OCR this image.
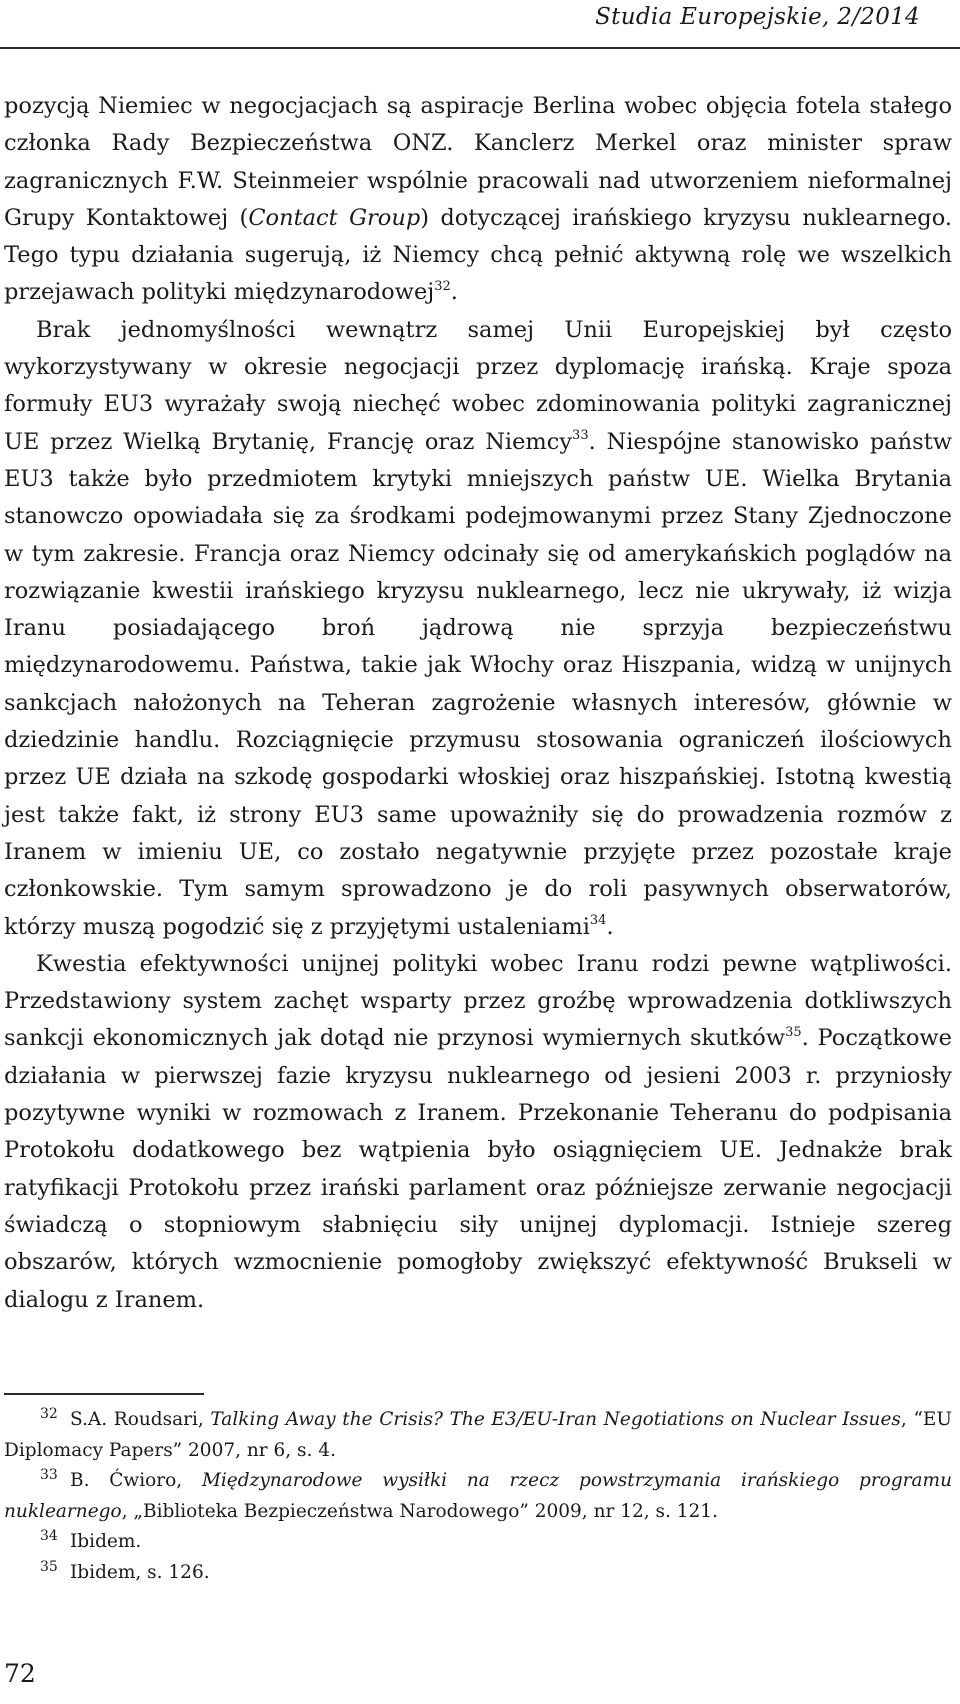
Studia Europejskie, 2/2014

pozycją Niemiec w negocjacjach są aspiracje Berlina wobec objęcia fotela stałego członka Rady Bezpieczeństwa ONZ. Kanclerz Merkel oraz minister spraw zagranicznych F.W. Steinmeier wspólnie pracowali nad utworzeniem nieformalnej Grupy Kontaktowej (Contact Group) dotyczącej irańskiego kryzysu nuklearnego. Tego typu działania sugerują, iż Niemcy chcą pełnić aktywną rolę we wszelkich przejawach polityki międzynarodowej$^{32}$.

Brak jednomyślności wewnątrz samej Unii Europejskiej był często wykorzystywany w okresie negocjacji przez dyplomację irańską. Kraje spoza formuły EU3 wyrażały swoją niechęć wobec zdominowania polityki zagranicznej UE przez Wielką Brytanię, Francję oraz Niemcy$^{33}$. Niespójne stanowisko państw EU3 także było przedmiotem krytyki mniejszych państw UE. Wielka Brytania stanowczo opowiadała się za środkami podejmowanymi przez Stany Zjednoczone w tym zakresie. Francja oraz Niemcy odcinały się od amerykańskich poglądów na rozwiązanie kwestii irańskiego kryzysu nuklearnego, lecz nie ukrywały, iż wizja Iranu posiadającego broń jądrową nie sprzyja bezpieczeństwu międzynarodowemu. Państwa, takie jak Włochy oraz Hiszpania, widzą w unijnych sankcjach nałożonych na Teheran zagrożenie własnych interesów, głównie w dziedzinie handlu. Rozciągnięcie przymusu stosowania ograniczeń ilościowych przez UE działa na szkodę gospodarki włoskiej oraz hiszpańskiej. Istotną kwestią jest także fakt, iż strony EU3 same upoważniły się do prowadzenia rozmów z Iranem w imieniu UE, co zostało negatywnie przyjęte przez pozostałe kraje członkowskie. Tym samym sprowadzono je do roli pasywnych obserwatorów, którzy muszą pogodzić się z przyjętymi ustaleniami$^{34}$.

Kwestia efektywności unijnej polityki wobec Iranu rodzi pewne wątpliwości. Przedstawiony system zachęt wsparty przez groźbę wprowadzenia dotkliwszych sankcji ekonomicznych jak dotąd nie przynosi wymiernych skutków$^{35}$. Początkowe działania w pierwszej fazie kryzysu nuklearnego od jesieni 2003 r. przyniosły pozytywne wyniki w rozmowach z Iranem. Przekonanie Teheranu do podpisania Protokołu dodatkowego bez wątpienia było osiągnięciem UE. Jednakże brak ratyfikacji Protokołu przez irański parlament oraz późniejsze zerwanie negocjacji świadczą o stopniowym słabnięciu siły unijnej dyplomacji. Istnieje szereg obszarów, których wzmocnienie pomogłoby zwiększyć efektywność Brukseli w dialogu z Iranem.

32 S.A. Roudsari, Talking Away the Crisis? The E3/EU-Iran Negotiations on Nuclear Issues, “EU Diplomacy Papers” 2007, nr 6, s. 4.

33 B. Ćwioro, Międzynarodowe wysiłki na rzecz powstrzymania irańskiego programu nuklearnego, „Biblioteka Bezpieczeństwa Narodowego” 2009, nr 12, s. 121.

34 Ibidem.

35 Ibidem, s. 126.

72
